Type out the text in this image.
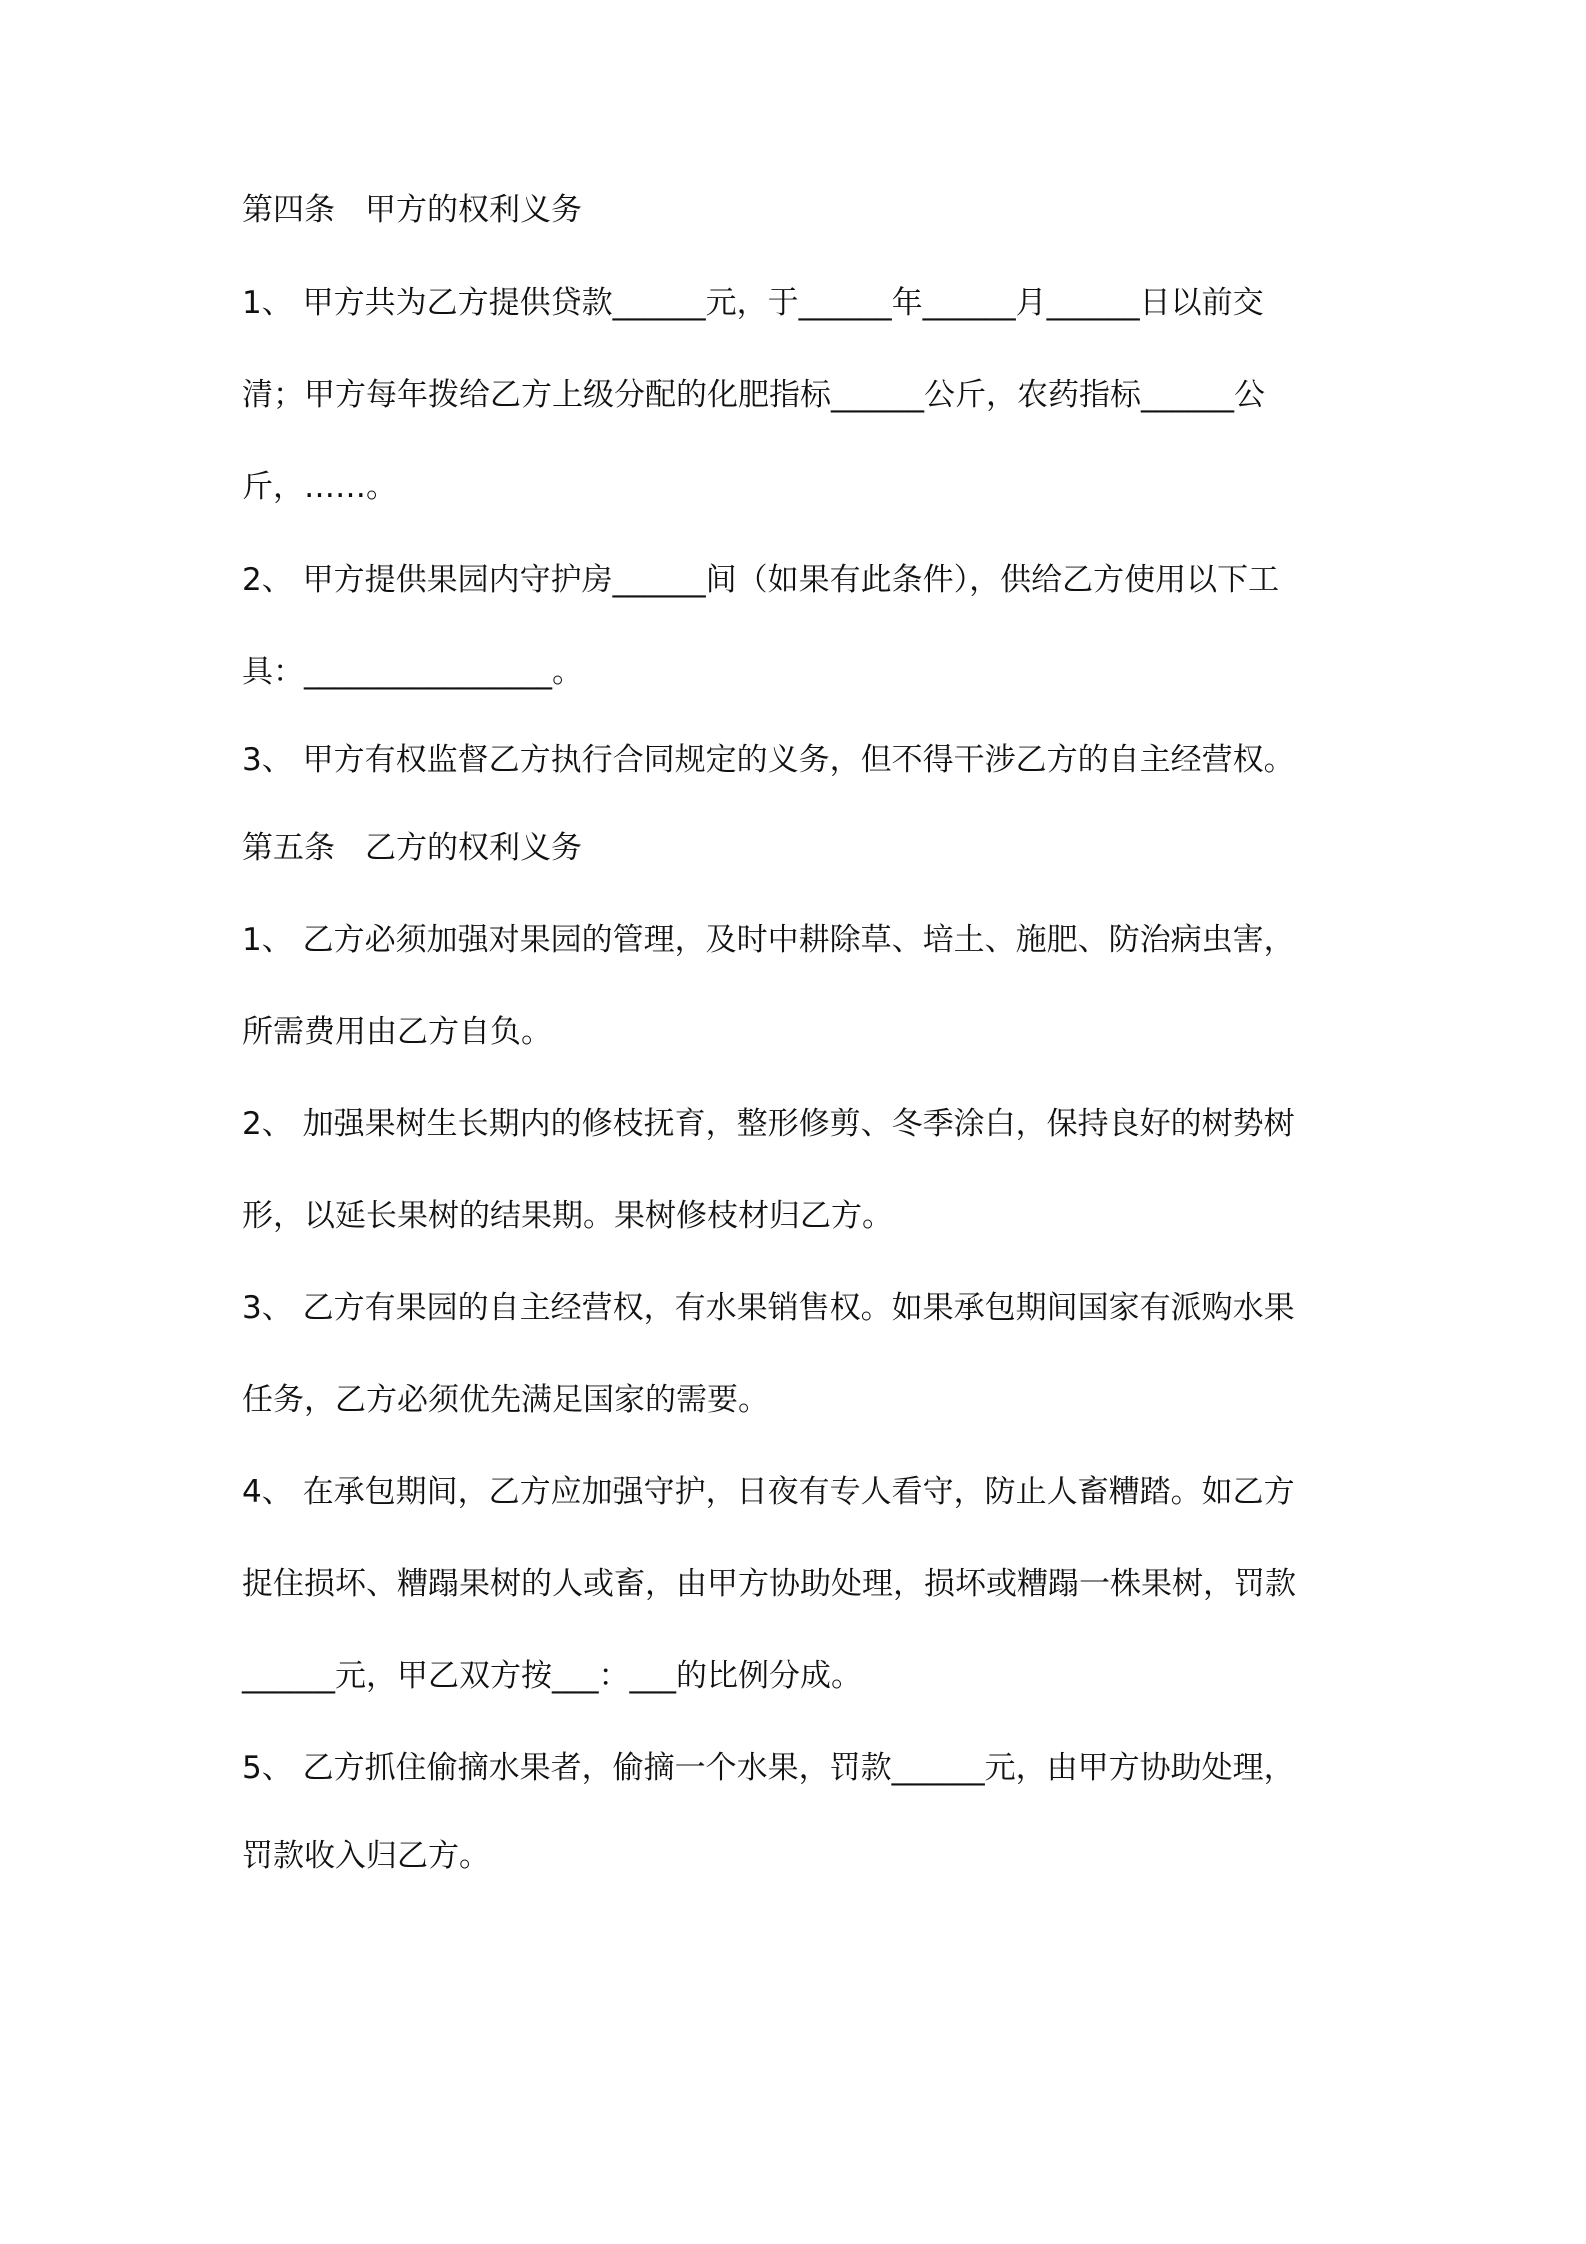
第四条 甲方的权利义务

1、 甲方共为乙方提供贷款______元，于______年______月______日以前交

清；甲方每年拨给乙方上级分配的化肥指标______公斤，农药指标______公

斤，……。

2、 甲方提供果园内守护房______间（如果有此条件），供给乙方使用以下工

具：________________。

3、 甲方有权监督乙方执行合同规定的义务，但不得干涉乙方的自主经营权。

第五条 乙方的权利义务

1、 乙方必须加强对果园的管理，及时中耕除草、培土、施肥、防治病虫害，

所需费用由乙方自负。

2、 加强果树生长期内的修枝抚育，整形修剪、冬季涂白，保持良好的树势树

形，以延长果树的结果期。果树修枝材归乙方。

3、 乙方有果园的自主经营权，有水果销售权。如果承包期间国家有派购水果

任务，乙方必须优先满足国家的需要。

4、 在承包期间，乙方应加强守护，日夜有专人看守，防止人畜糟踏。如乙方

捉住损坏、糟蹋果树的人或畜，由甲方协助处理，损坏或糟蹋一株果树，罚款

______元，甲乙双方按___：___的比例分成。

5、 乙方抓住偷摘水果者，偷摘一个水果，罚款______元，由甲方协助处理，

罚款收入归乙方。
